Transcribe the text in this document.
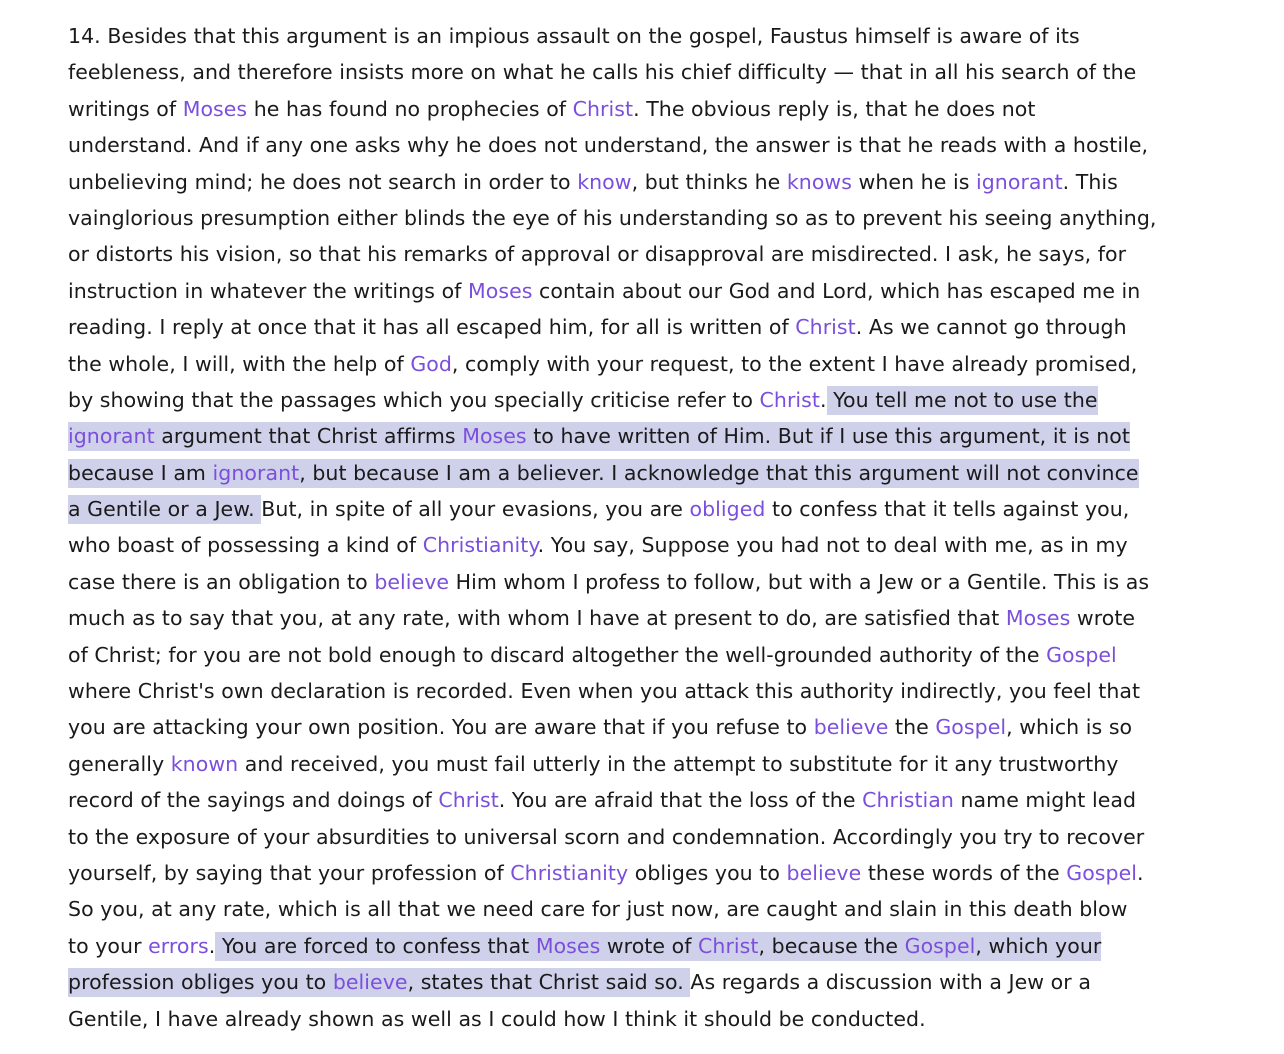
14. Besides that this argument is an impious assault on the gospel, Faustus himself is aware of its
feebleness, and therefore insists more on what he calls his chief difficulty — that in all his search of the
writings of Moses he has found no prophecies of Christ. The obvious reply is, that he does not
understand. And if any one asks why he does not understand, the answer is that he reads with a hostile,
unbelieving mind; he does not search in order to know, but thinks he knows when he is ignorant. This
vainglorious presumption either blinds the eye of his understanding so as to prevent his seeing anything,
or distorts his vision, so that his remarks of approval or disapproval are misdirected. I ask, he says, for
instruction in whatever the writings of Moses contain about our God and Lord, which has escaped me in
reading. I reply at once that it has all escaped him, for all is written of Christ. As we cannot go through
the whole, I will, with the help of God, comply with your request, to the extent I have already promised,
by showing that the passages which you specially criticise refer to Christ. You tell me not to use the
ignorant argument that Christ affirms Moses to have written of Him. But if I use this argument, it is not
because I am ignorant, but because I am a believer. I acknowledge that this argument will not convince
a Gentile or a Jew. But, in spite of all your evasions, you are obliged to confess that it tells against you,
who boast of possessing a kind of Christianity. You say, Suppose you had not to deal with me, as in my
case there is an obligation to believe Him whom I profess to follow, but with a Jew or a Gentile. This is as
much as to say that you, at any rate, with whom I have at present to do, are satisfied that Moses wrote
of Christ; for you are not bold enough to discard altogether the well-grounded authority of the Gospel
where Christ's own declaration is recorded. Even when you attack this authority indirectly, you feel that
you are attacking your own position. You are aware that if you refuse to believe the Gospel, which is so
generally known and received, you must fail utterly in the attempt to substitute for it any trustworthy
record of the sayings and doings of Christ. You are afraid that the loss of the Christian name might lead
to the exposure of your absurdities to universal scorn and condemnation. Accordingly you try to recover
yourself, by saying that your profession of Christianity obliges you to believe these words of the Gospel.
So you, at any rate, which is all that we need care for just now, are caught and slain in this death blow
to your errors. You are forced to confess that Moses wrote of Christ, because the Gospel, which your
profession obliges you to believe, states that Christ said so. As regards a discussion with a Jew or a
Gentile, I have already shown as well as I could how I think it should be conducted.
